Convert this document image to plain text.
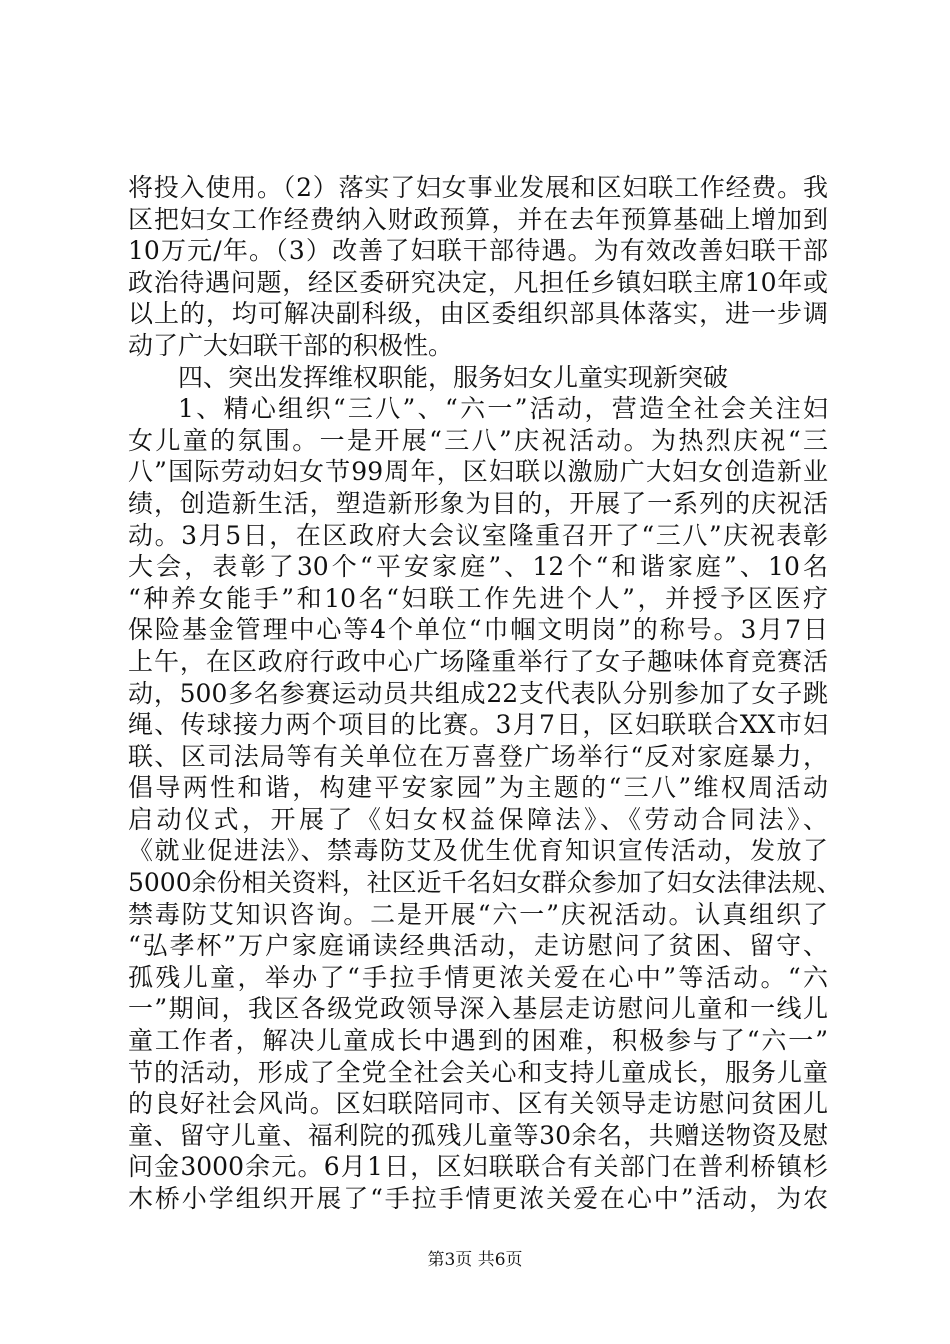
将投入使用。（2）落实了妇女事业发展和区妇联工作经费。我
区把妇女工作经费纳入财政预算，并在去年预算基础上增加到
10万元/年。（3）改善了妇联干部待遇。为有效改善妇联干部
政治待遇问题，经区委研究决定，凡担任乡镇妇联主席10年或
以上的，均可解决副科级，由区委组织部具体落实，进一步调
动了广大妇联干部的积极性。
四、突出发挥维权职能，服务妇女儿童实现新突破
1、精心组织“三八”、“六一”活动，营造全社会关注妇
女儿童的氛围。一是开展“三八”庆祝活动。为热烈庆祝“三
八”国际劳动妇女节99周年，区妇联以激励广大妇女创造新业
绩，创造新生活，塑造新形象为目的，开展了一系列的庆祝活
动。3月5日，在区政府大会议室隆重召开了“三八”庆祝表彰
大会，表彰了30个“平安家庭”、12个“和谐家庭”、10名
“种养女能手”和10名“妇联工作先进个人”，并授予区医疗
保险基金管理中心等4个单位“巾帼文明岗”的称号。3月7日
上午，在区政府行政中心广场隆重举行了女子趣味体育竞赛活
动，500多名参赛运动员共组成22支代表队分别参加了女子跳
绳、传球接力两个项目的比赛。3月7日，区妇联联合XX市妇
联、区司法局等有关单位在万喜登广场举行“反对家庭暴力，
倡导两性和谐，构建平安家园”为主题的“三八”维权周活动
启动仪式，开展了《妇女权益保障法》、《劳动合同法》、
《就业促进法》、禁毒防艾及优生优育知识宣传活动，发放了
5000余份相关资料，社区近千名妇女群众参加了妇女法律法规、
禁毒防艾知识咨询。二是开展“六一”庆祝活动。认真组织了
“弘孝杯”万户家庭诵读经典活动，走访慰问了贫困、留守、
孤残儿童，举办了“手拉手情更浓关爱在心中”等活动。“六
一”期间，我区各级党政领导深入基层走访慰问儿童和一线儿
童工作者，解决儿童成长中遇到的困难，积极参与了“六一”
节的活动，形成了全党全社会关心和支持儿童成长，服务儿童
的良好社会风尚。区妇联陪同市、区有关领导走访慰问贫困儿
童、留守儿童、福利院的孤残儿童等30余名，共赠送物资及慰
问金3000余元。6月1日，区妇联联合有关部门在普利桥镇杉
木桥小学组织开展了“手拉手情更浓关爱在心中”活动，为农
第3页 共6页
